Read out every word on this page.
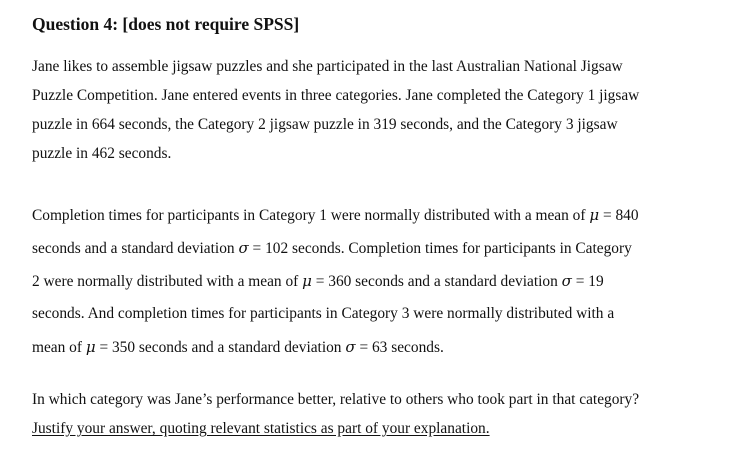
Question 4: [does not require SPSS]

Jane likes to assemble jigsaw puzzles and she participated in the last Australian National Jigsaw

Puzzle Competition. Jane entered events in three categories. Jane completed the Category 1 jigsaw

puzzle in 664 seconds, the Category 2 jigsaw puzzle in 319 seconds, and the Category 3 jigsaw

puzzle in 462 seconds.

Completion times for participants in Category 1 were normally distributed with a mean of μ = 840

seconds and a standard deviation σ = 102 seconds. Completion times for participants in Category

2 were normally distributed with a mean of μ = 360 seconds and a standard deviation σ = 19

seconds. And completion times for participants in Category 3 were normally distributed with a

mean of μ = 350 seconds and a standard deviation σ = 63 seconds.

In which category was Jane’s performance better, relative to others who took part in that category?

Justify your answer, quoting relevant statistics as part of your explanation.
